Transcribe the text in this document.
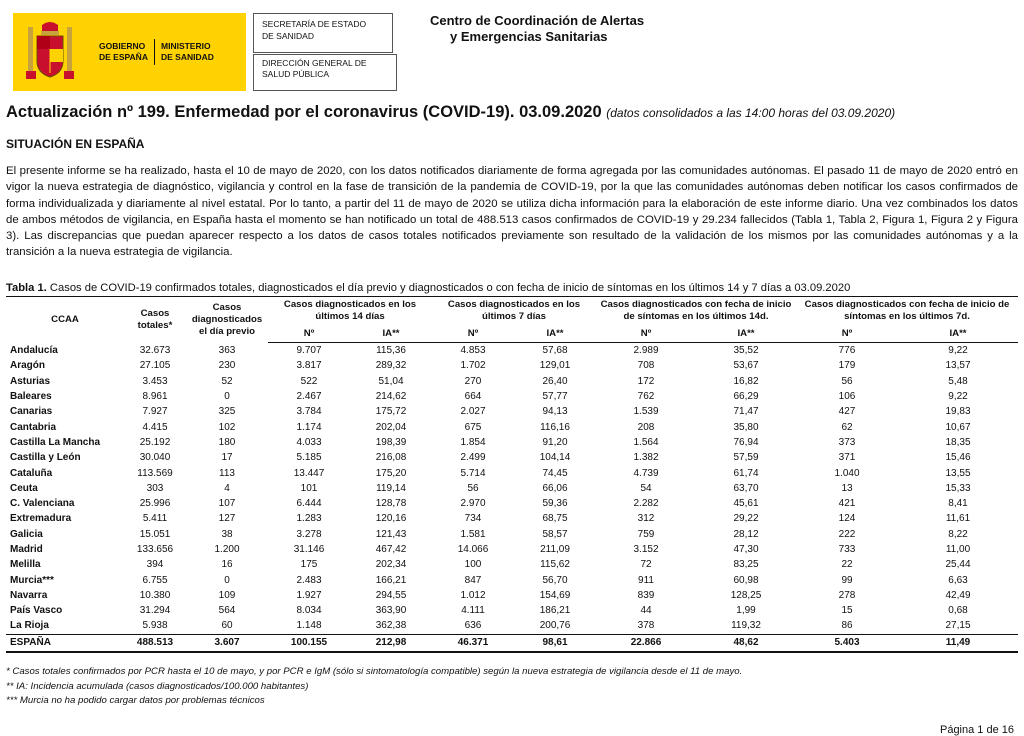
GOBIERNO
DE ESPAÑA
MINISTERIO
DE SANIDAD
SECRETARÍA DE ESTADO
DE SANIDAD
DIRECCIÓN GENERAL DE
SALUD PÚBLICA
Centro de Coordinación de Alertas
y Emergencias Sanitarias
Actualización nº 199. Enfermedad por el coronavirus (COVID-19). 03.09.2020 (datos consolidados a las 14:00 horas del 03.09.2020)
SITUACIÓN EN ESPAÑA
El presente informe se ha realizado, hasta el 10 de mayo de 2020, con los datos notificados diariamente de forma agregada por las comunidades autónomas. El pasado 11 de mayo de 2020 entró en vigor la nueva estrategia de diagnóstico, vigilancia y control en la fase de transición de la pandemia de COVID-19, por la que las comunidades autónomas deben notificar los casos confirmados de forma individualizada y diariamente al nivel estatal. Por lo tanto, a partir del 11 de mayo de 2020 se utiliza dicha información para la elaboración de este informe diario. Una vez combinados los datos de ambos métodos de vigilancia, en España hasta el momento se han notificado un total de 488.513 casos confirmados de COVID-19 y 29.234 fallecidos (Tabla 1, Tabla 2, Figura 1, Figura 2 y Figura 3). Las discrepancias que puedan aparecer respecto a los datos de casos totales notificados previamente son resultado de la validación de los mismos por las comunidades autónomas y a la transición a la nueva estrategia de vigilancia.
Tabla 1. Casos de COVID-19 confirmados totales, diagnosticados el día previo y diagnosticados o con fecha de inicio de síntomas en los últimos 14 y 7 días a 03.09.2020
CCAA	Casos totales*	Casos diagnosticados el día previo	Casos diagnosticados en los últimos 14 días		Casos diagnosticados en los últimos 7 días		Casos diagnosticados con fecha de inicio de síntomas en los últimos 14d.		Casos diagnosticados con fecha de inicio de síntomas en los últimos 7d.	
			Nº	IA**	Nº	IA**	Nº	IA**	Nº	IA**
Andalucía	32.673	363	9.707	115,36	4.853	57,68	2.989	35,52	776	9,22
Aragón	27.105	230	3.817	289,32	1.702	129,01	708	53,67	179	13,57
Asturias	3.453	52	522	51,04	270	26,40	172	16,82	56	5,48
Baleares	8.961	0	2.467	214,62	664	57,77	762	66,29	106	9,22
Canarias	7.927	325	3.784	175,72	2.027	94,13	1.539	71,47	427	19,83
Cantabria	4.415	102	1.174	202,04	675	116,16	208	35,80	62	10,67
Castilla La Mancha	25.192	180	4.033	198,39	1.854	91,20	1.564	76,94	373	18,35
Castilla y León	30.040	17	5.185	216,08	2.499	104,14	1.382	57,59	371	15,46
Cataluña	113.569	113	13.447	175,20	5.714	74,45	4.739	61,74	1.040	13,55
Ceuta	303	4	101	119,14	56	66,06	54	63,70	13	15,33
C. Valenciana	25.996	107	6.444	128,78	2.970	59,36	2.282	45,61	421	8,41
Extremadura	5.411	127	1.283	120,16	734	68,75	312	29,22	124	11,61
Galicia	15.051	38	3.278	121,43	1.581	58,57	759	28,12	222	8,22
Madrid	133.656	1.200	31.146	467,42	14.066	211,09	3.152	47,30	733	11,00
Melilla	394	16	175	202,34	100	115,62	72	83,25	22	25,44
Murcia***	6.755	0	2.483	166,21	847	56,70	911	60,98	99	6,63
Navarra	10.380	109	1.927	294,55	1.012	154,69	839	128,25	278	42,49
País Vasco	31.294	564	8.034	363,90	4.111	186,21	44	1,99	15	0,68
La Rioja	5.938	60	1.148	362,38	636	200,76	378	119,32	86	27,15
ESPAÑA	488.513	3.607	100.155	212,98	46.371	98,61	22.866	48,62	5.403	11,49
* Casos totales confirmados por PCR hasta el 10 de mayo, y por PCR e IgM (sólo si sintomatología compatible) según la nueva estrategia de vigilancia desde el 11 de mayo.
** IA: Incidencia acumulada (casos diagnosticados/100.000 habitantes)
*** Murcia no ha podido cargar datos por problemas técnicos
Página 1 de 16
